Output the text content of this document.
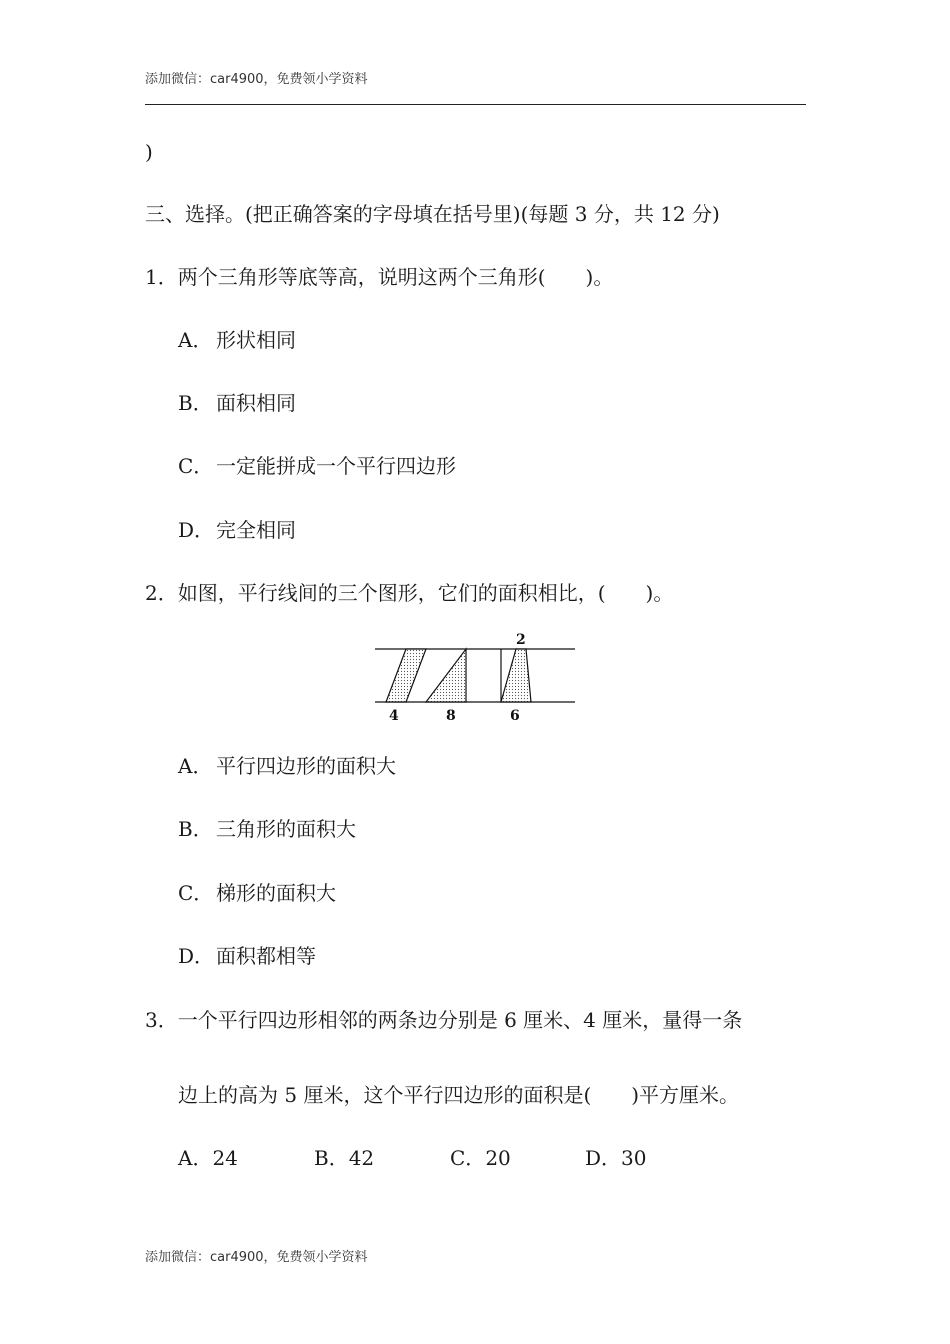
添加微信：car4900，免费领小学资料
)
三、选择。(把正确答案的字母填在括号里)(每题 3 分，共 12 分)
1．两个三角形等底等高，说明这两个三角形(　　)。
A． 形状相同
B． 面积相同
C． 一定能拼成一个平行四边形
D．完全相同
2．如图，平行线间的三个图形，它们的面积相比，(　　)。
2
4	8	6
A． 平行四边形的面积大
B． 三角形的面积大
C． 梯形的面积大
D．面积都相等
3．一个平行四边形相邻的两条边分别是 6 厘米、4 厘米，量得一条
边上的高为 5 厘米，这个平行四边形的面积是(　　)平方厘米。
A．24	B．42	C．20	D．30
添加微信：car4900，免费领小学资料
